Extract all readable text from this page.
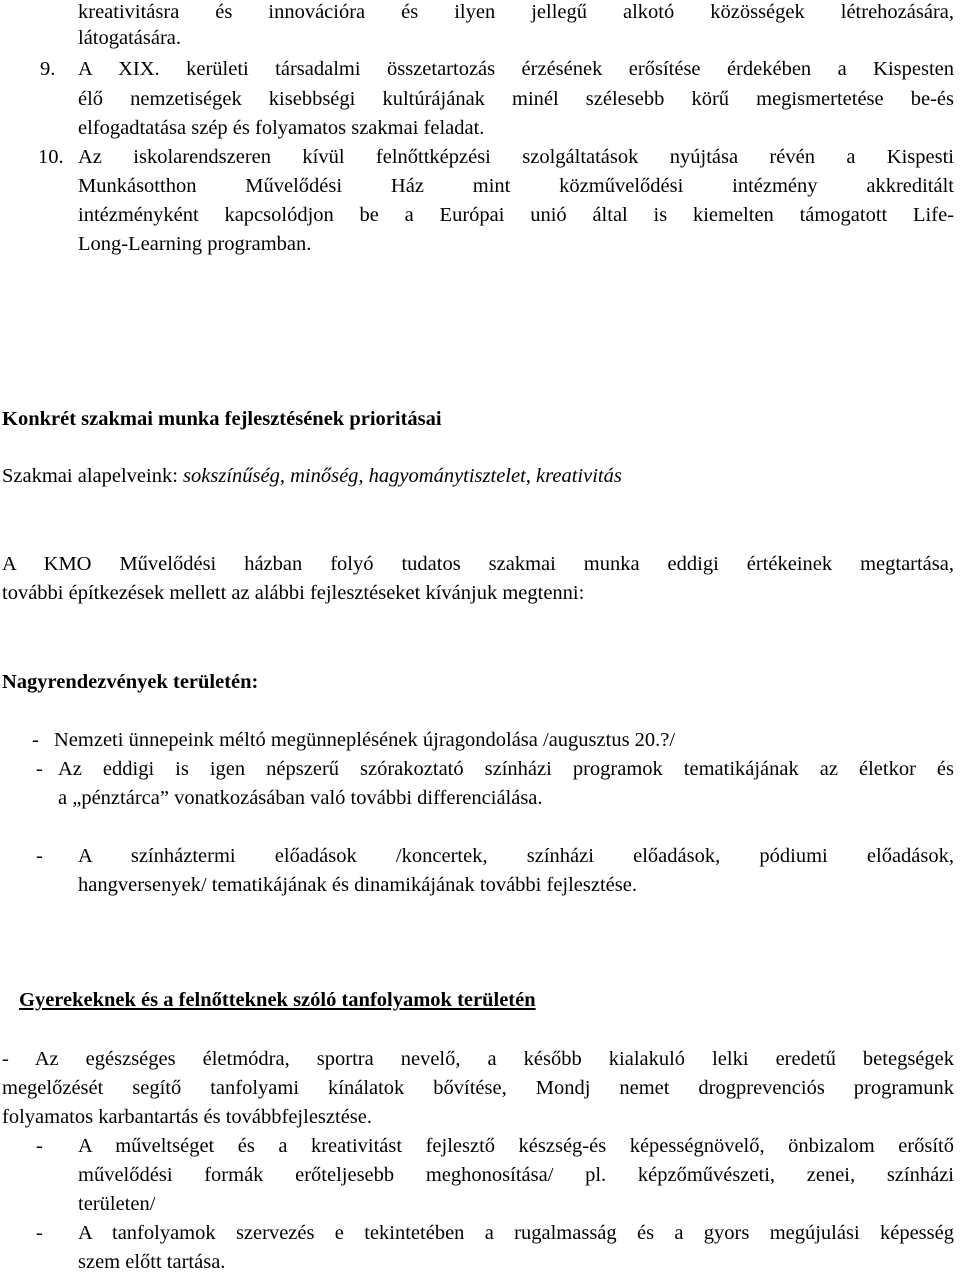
kreativitásra és innovációra és ilyen jellegű alkotó közösségek létrehozására,
látogatására.
9. A XIX. kerületi társadalmi összetartozás érzésének erősítése érdekében a Kispesten
élő nemzetiségek kisebbségi kultúrájának minél szélesebb körű megismertetése be-és
elfogadtatása szép és folyamatos szakmai feladat.
10. Az iskolarendszeren kívül felnőttképzési szolgáltatások nyújtása révén a Kispesti
Munkásotthon Művelődési Ház mint közművelődési intézmény akkreditált
intézményként kapcsolódjon be a Európai unió által is kiemelten támogatott Life-
Long-Learning programban.
Konkrét szakmai munka fejlesztésének prioritásai
Szakmai alapelveink: sokszínűség, minőség, hagyománytisztelet, kreativitás
A KMO Művelődési házban folyó tudatos szakmai munka eddigi értékeinek megtartása,
további építkezések mellett az alábbi fejlesztéseket kívánjuk megtenni:
Nagyrendezvények területén:
- Nemzeti ünnepeink méltó megünneplésének újragondolása /augusztus 20.?/
- Az eddigi is igen népszerű szórakoztató színházi programok tematikájának az életkor és
a „pénztárca” vonatkozásában való további differenciálása.
- A színháztermi előadások /koncertek, színházi előadások, pódiumi előadások,
hangversenyek/ tematikájának és dinamikájának további fejlesztése.
Gyerekeknek és a felnőtteknek szóló tanfolyamok területén
- Az egészséges életmódra, sportra nevelő, a később kialakuló lelki eredetű betegségek
megelőzését segítő tanfolyami kínálatok bővítése, Mondj nemet drogprevenciós programunk
folyamatos karbantartás és továbbfejlesztése.
- A műveltséget és a kreativitást fejlesztő készség-és képességnövelő, önbizalom erősítő
művelődési formák erőteljesebb meghonosítása/ pl. képzőművészeti, zenei, színházi
területen/
- A tanfolyamok szervezés e tekintetében a rugalmasság és a gyors megújulási képesség
szem előtt tartása.
